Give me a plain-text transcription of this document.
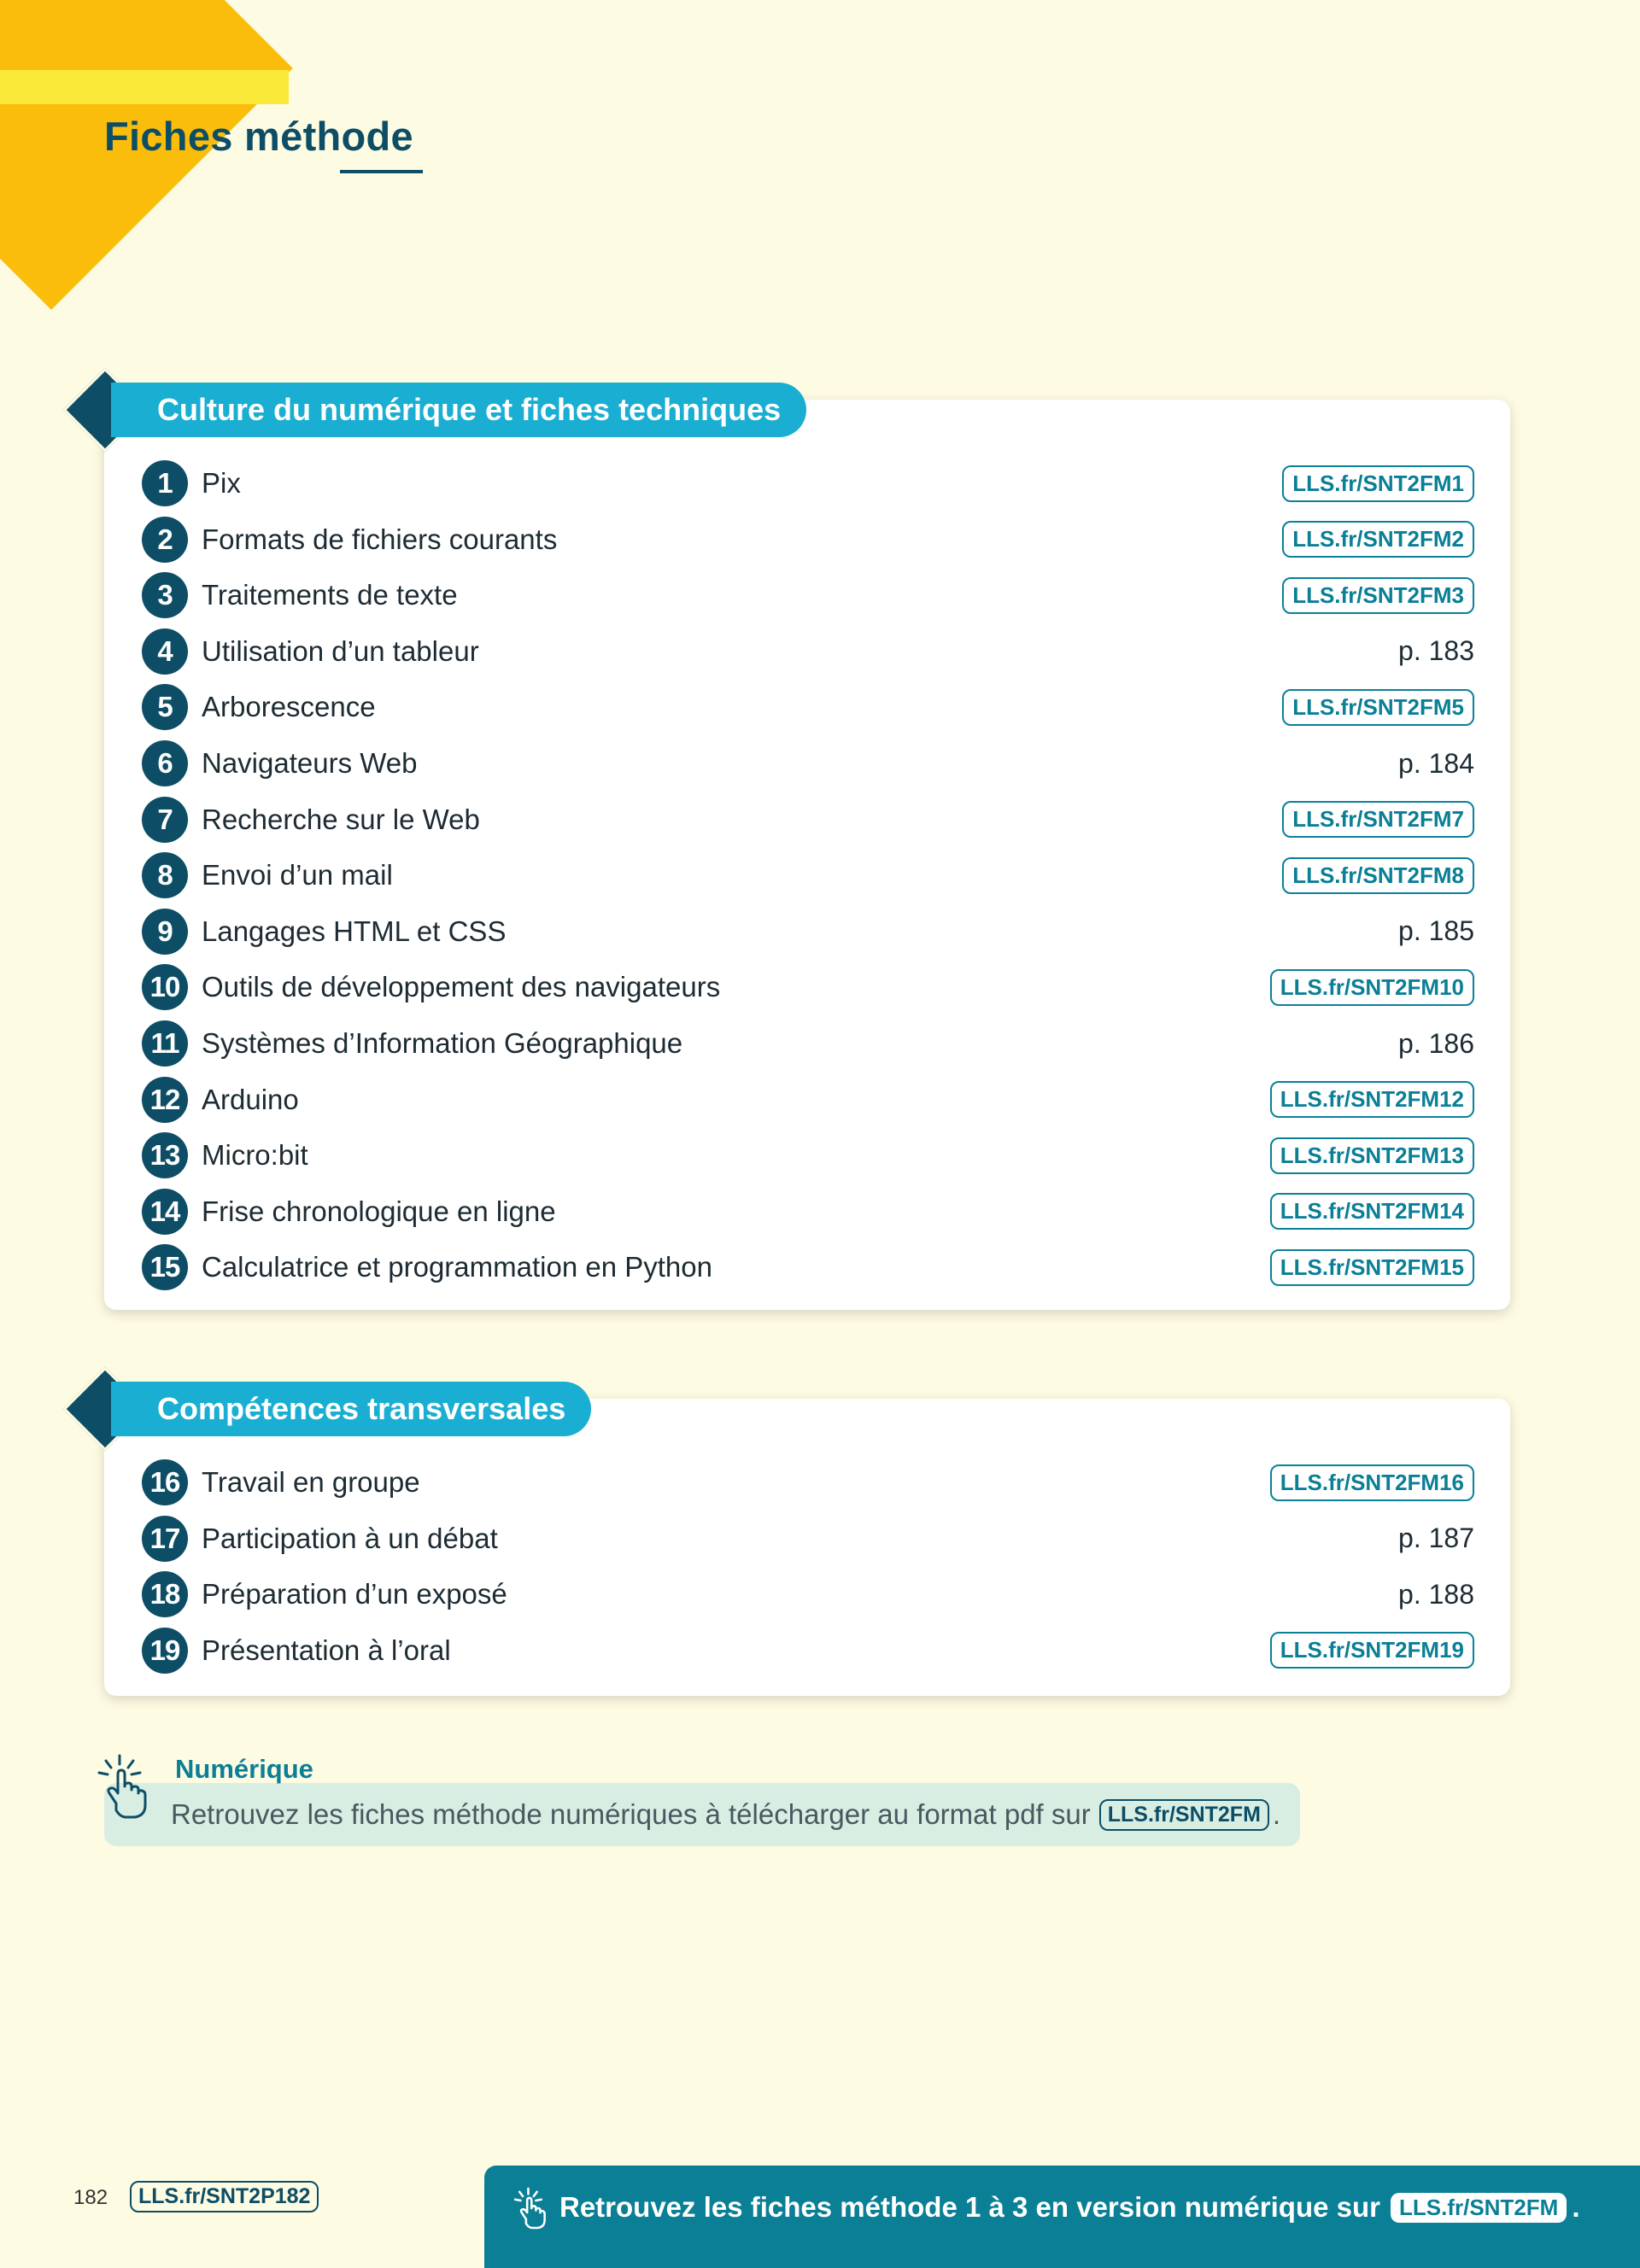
Fiches méthode
Culture du numérique et fiches techniques
1	Pix	LLS.fr/SNT2FM1
2	Formats de fichiers courants	LLS.fr/SNT2FM2
3	Traitements de texte	LLS.fr/SNT2FM3
4	Utilisation d’un tableur	p. 183
5	Arborescence	LLS.fr/SNT2FM5
6	Navigateurs Web	p. 184
7	Recherche sur le Web	LLS.fr/SNT2FM7
8	Envoi d’un mail	LLS.fr/SNT2FM8
9	Langages HTML et CSS	p. 185
10 Outils de développement des navigateurs	LLS.fr/SNT2FM10
11 Systèmes d’Information Géographique	p. 186
12 Arduino	LLS.fr/SNT2FM12
13 Micro:bit	LLS.fr/SNT2FM13
14 Frise chronologique en ligne	LLS.fr/SNT2FM14
15 Calculatrice et programmation en Python	LLS.fr/SNT2FM15
Compétences transversales
16 Travail en groupe	LLS.fr/SNT2FM16
17 Participation à un débat	p. 187
18 Préparation d’un exposé	p. 188
19 Présentation à l’oral	LLS.fr/SNT2FM19
Numérique
Retrouvez les fiches méthode numériques à télécharger au format pdf sur LLS.fr/SNT2FM .
182	LLS.fr/SNT2P182	Retrouvez les fiches méthode 1 à 3 en version numérique sur LLS.fr/SNT2FM .
